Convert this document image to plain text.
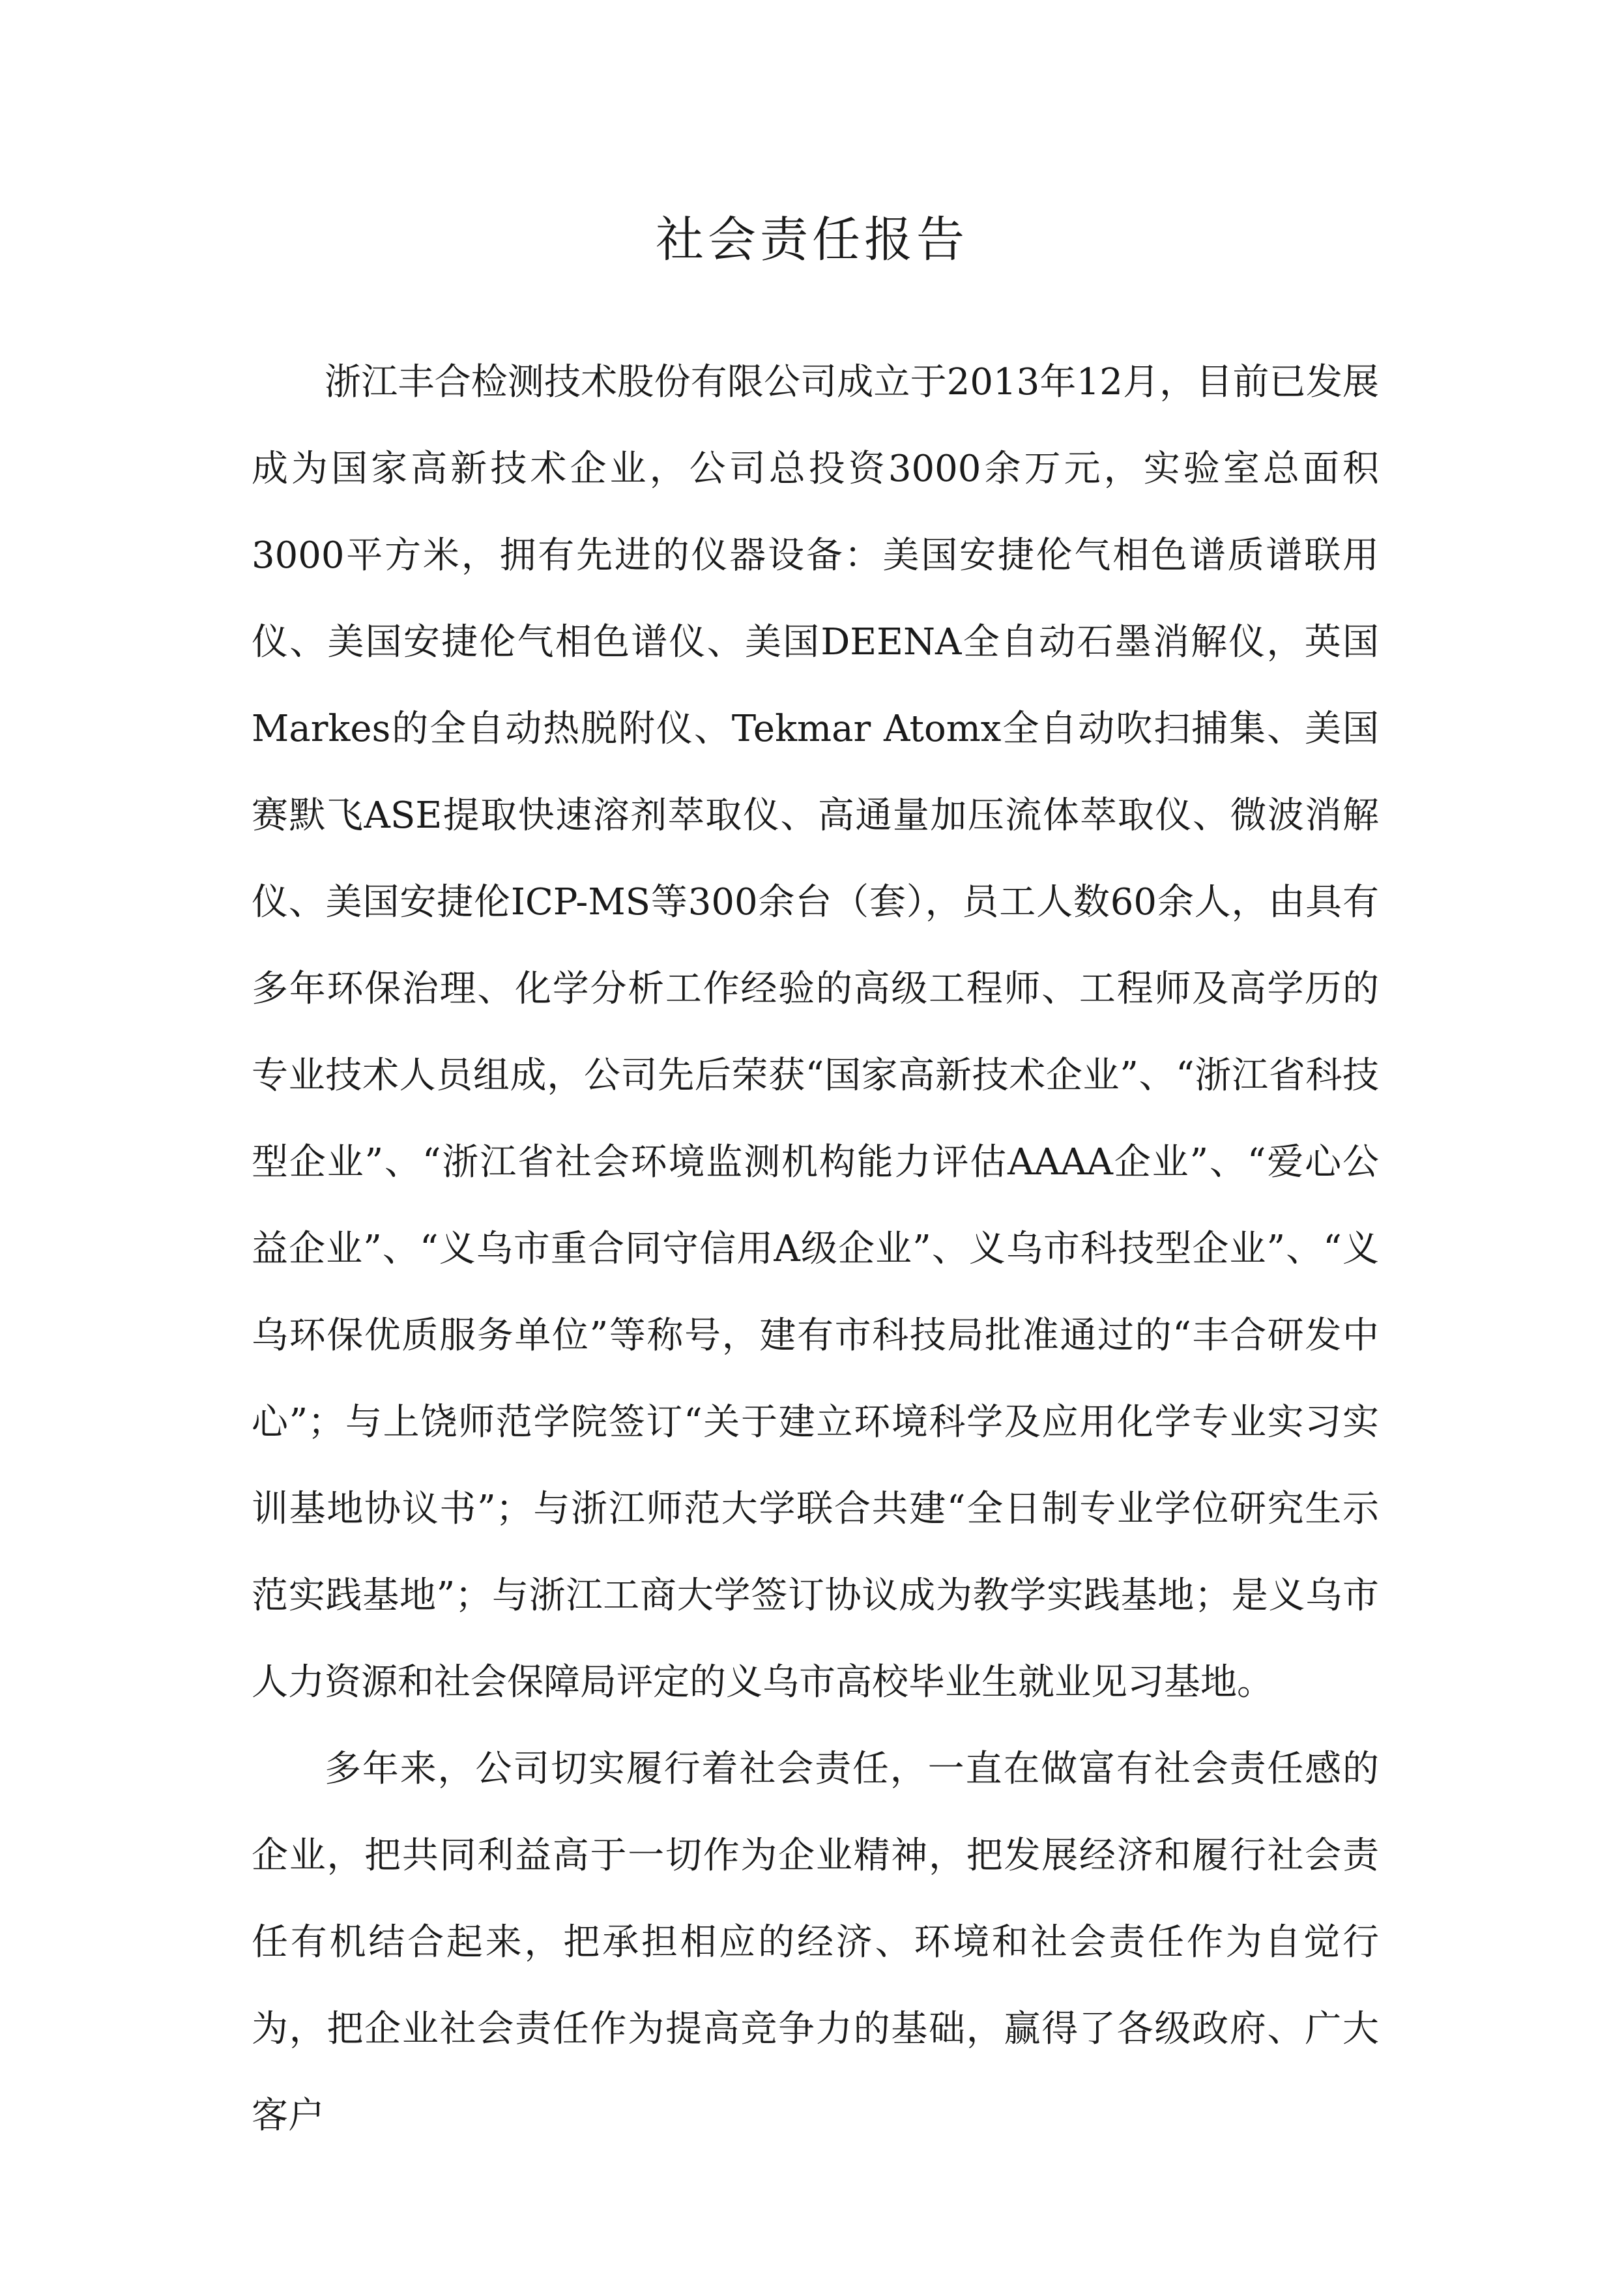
社会责任报告

浙江丰合检测技术股份有限公司成立于2013年12月，目前已发展成为国家高新技术企业，公司总投资3000余万元，实验室总面积3000平方米，拥有先进的仪器设备：美国安捷伦气相色谱质谱联用仪、美国安捷伦气相色谱仪、美国DEENA全自动石墨消解仪，英国Markes的全自动热脱附仪、Tekmar Atomx全自动吹扫捕集、美国赛默飞ASE提取快速溶剂萃取仪、高通量加压流体萃取仪、微波消解仪、美国安捷伦ICP-MS等300余台（套），员工人数60余人，由具有多年环保治理、化学分析工作经验的高级工程师、工程师及高学历的专业技术人员组成，公司先后荣获“国家高新技术企业”、“浙江省科技型企业”、“浙江省社会环境监测机构能力评估AAAA企业”、“爱心公益企业”、“义乌市重合同守信用A级企业”、义乌市科技型企业”、“义乌环保优质服务单位”等称号，建有市科技局批准通过的“丰合研发中心”；与上饶师范学院签订“关于建立环境科学及应用化学专业实习实训基地协议书”；与浙江师范大学联合共建“全日制专业学位研究生示范实践基地”；与浙江工商大学签订协议成为教学实践基地；是义乌市人力资源和社会保障局评定的义乌市高校毕业生就业见习基地。

多年来，公司切实履行着社会责任，一直在做富有社会责任感的企业，把共同利益高于一切作为企业精神，把发展经济和履行社会责任有机结合起来，把承担相应的经济、环境和社会责任作为自觉行为，把企业社会责任作为提高竞争力的基础，赢得了各级政府、广大客户
